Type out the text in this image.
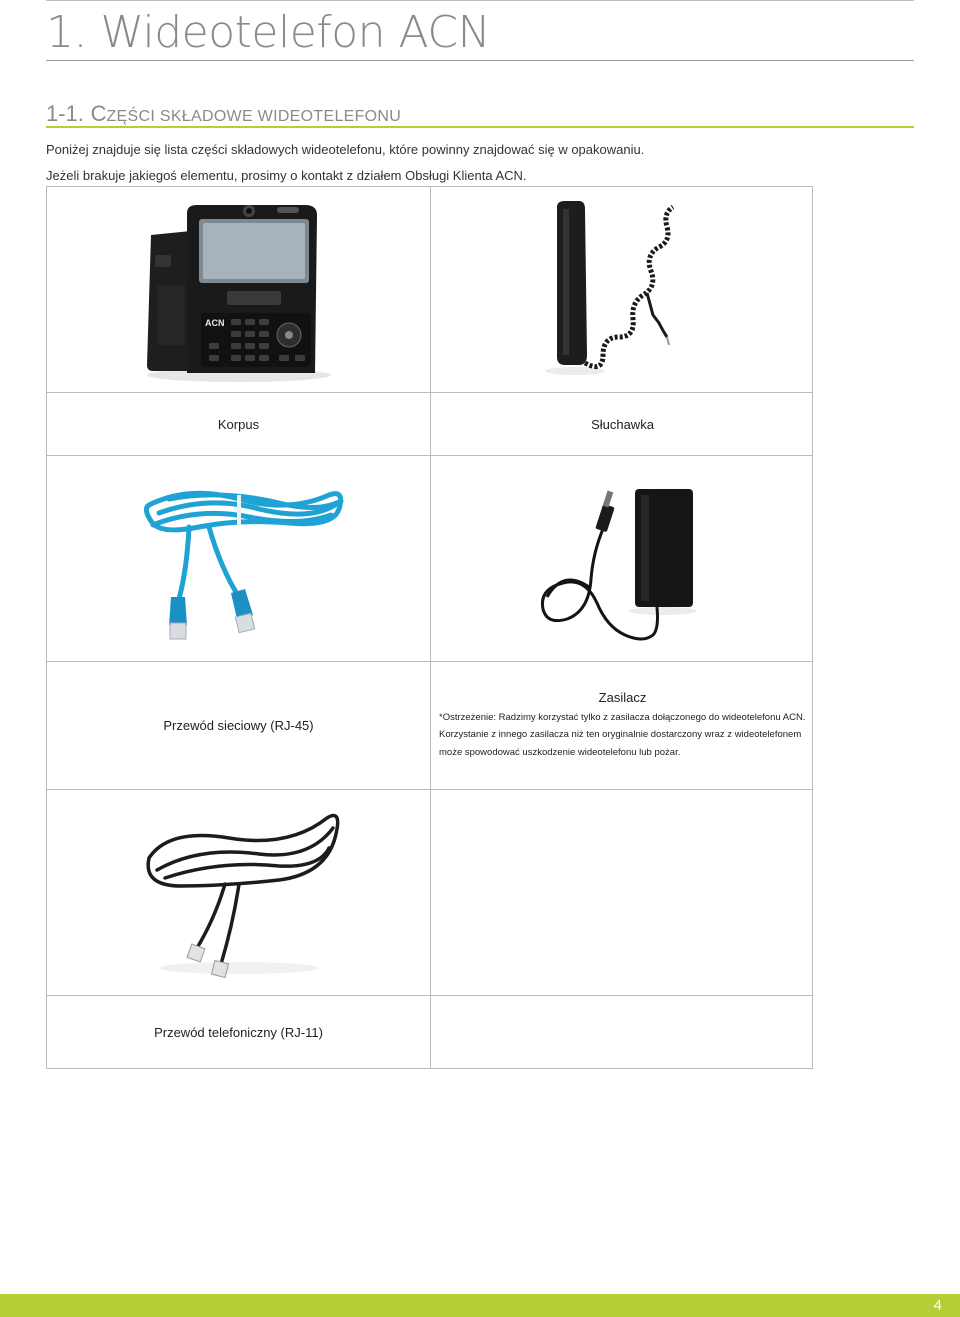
1. Wideotelefon ACN
1-1. CZĘŚCI SKŁADOWE WIDEOTELEFONU
Poniżej znajduje się lista części składowych wideotelefonu, które powinny znajdować się w opakowaniu.
Jeżeli brakuje jakiegoś elementu, prosimy o kontakt z działem Obsługi Klienta ACN.
ACN
Korpus	Słuchawka
Przewód sieciowy (RJ-45)
Zasilacz
*Ostrzeżenie: Radzimy korzystać tylko z zasilacza dołączonego do wideotelefonu ACN. Korzystanie z innego zasilacza niż ten oryginalnie dostarczony wraz z wideotelefonem może spowodować uszkodzenie wideotelefonu lub pożar.
Przewód telefoniczny (RJ-11)
4
